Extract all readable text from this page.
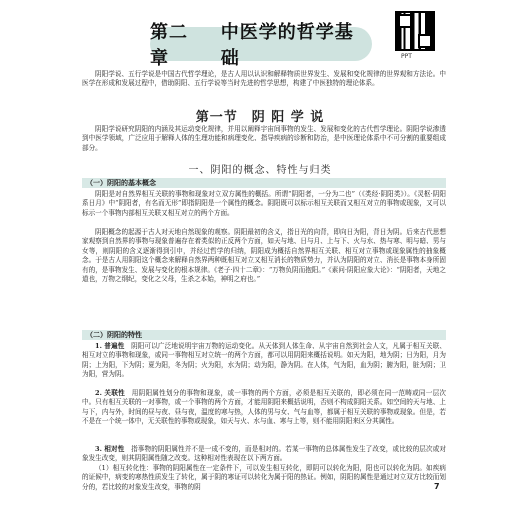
第二章
中医学的哲学基础	PPT

阴阳学说、五行学说是中国古代哲学理论，是古人用以认识和解释物质世界发生、发展和变化规律的世界观和方法论。中医学在形成和发展过程中，借助阴阳、五行学说等当时先进的哲学思想，构建了中医独特的理论体系。

第一节　阴 阳 学 说

阴阳学说研究阴阳的内涵及其运动变化规律，并用以阐释宇宙间事物的发生、发展和变化的古代哲学理论。阴阳学说渗透到中医学领域，广泛应用于解释人体的生理功能和病理变化、指导疾病的诊断和防治，是中医理论体系中不可分割的重要组成部分。

一、阴阳的概念、特性与归类
（一）阴阳的基本概念

阴阳是对自然界相互关联的事物和现象对立双方属性的概括。所谓“阴阳者，一分为二也”（《类经·阴阳类》）。《灵枢·阴阳系日月》中“阴阳者，有名而无形”即指阴阳是一个属性的概念。阴阳既可以标示相互关联而又相互对立的事物或现象，又可以标示一个事物内部相互关联又相互对立的两个方面。

阴阳概念的起源于古人对天地自然现象的观察。阴阳最初的含义，指日光的向背，即向日为阳，背日为阴。后来古代思想家观察到自然界的事物与现象普遍存在着类似的正反两个方面，如天与地、日与月、上与下、火与水、热与寒、明与暗、男与女等，则阴阳的含义逐渐得到引申，并经过哲学的归纳，阴阳成为概括自然界相互关联、相互对立事物或现象属性的抽象概念。于是古人用阴阳这个概念来解释自然界两种既相互对立又相互消长的物质势力，并认为阴阳的对立、消长是事物本身所固有的，是事物发生、发展与变化的根本规律。《老子·四十二章》：“万物负阴而抱阳。”《素问·阴阳应象大论》：“阴阳者，天地之道也，万物之纲纪，变化之父母，生杀之本始，神明之府也。”

（二）阴阳的特性

1. 普遍性　 阴阳可以广泛地说明宇宙万物的运动变化。从天体到人体生命、从宇宙自然到社会人文，凡属于相互关联、相互对立的事物和现象，或同一事物相互对立统一的两个方面，都可以用阴阳来概括说明。如天为阳，地为阴；日为阳，月为阴；上为阳，下为阴；夏为阳，冬为阴；火为阳，水为阴；动为阳，静为阴。在人体，气为阳，血为阴；腑为阳，脏为阴；卫为阳，营为阴。

2. 关联性　 用阴阳属性划分的事物和现象，或一事物的两个方面，必须是相互关联的，即必须在同一范畴或同一层次中。只有相互关联的一对事物，或一个事物的两个方面，才能用阴阳来概括说明，否则不构成阴阳关系。如空间的天与地、上与下，内与外，时间的昼与夜、昼与夜，温度的寒与热，人体的男与女、气与血等，都属于相互关联的事物或现象。但是，若不是在一个统一体中，无关联性的事物或现象，如天与火、水与血、寒与上等，则不能用阴阳来区分其属性。

3. 相对性　 指事物的阴阳属性并不是一成不变的，而是相对的。若某一事物的总体属性发生了改变，或比较的层次或对象发生改变，则其阴阳属性随之改变。这种相对性表现在以下两方面。

（1）相互转化性：事物的阴阳属性在一定条件下，可以发生相互转化，即阴可以转化为阳，阳也可以转化为阴。如疾病的证候中，病变的寒热性质发生了转化，属于阴的寒证可以转化为属于阳的热证。例如，阴阳的属性是通过对立双方比较而划分的，若比较的对象发生改变，事物的阴	7
